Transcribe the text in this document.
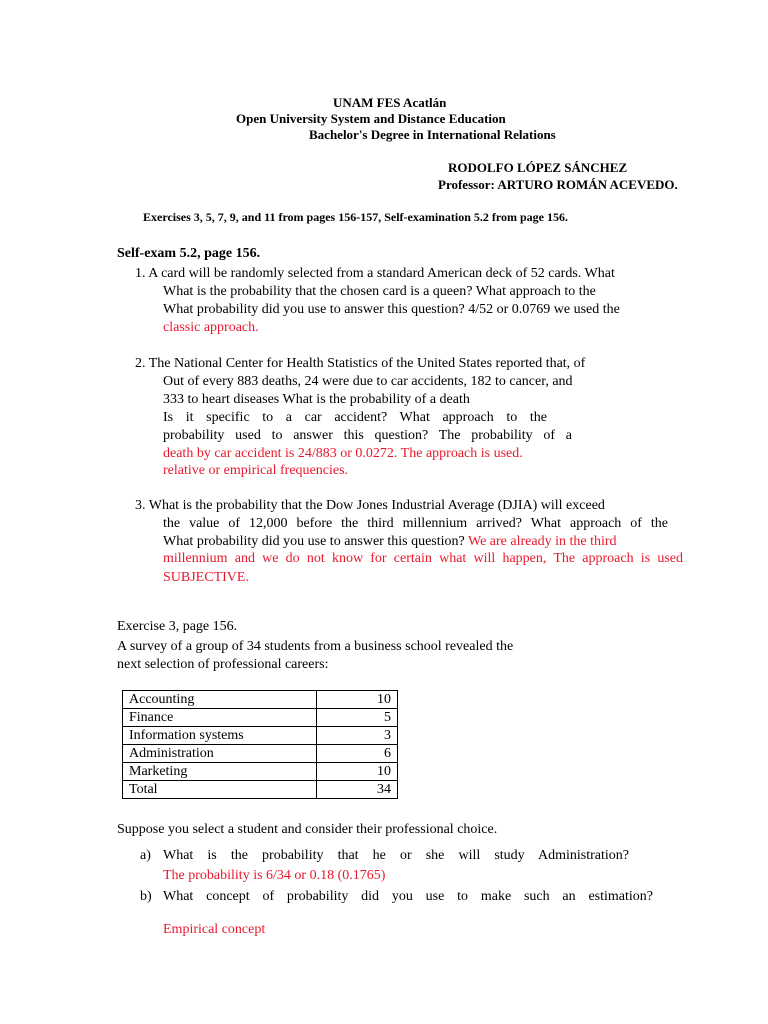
UNAM FES Acatlán
Open University System and Distance Education
Bachelor's Degree in International Relations
RODOLFO LÓPEZ SÁNCHEZ
Professor: ARTURO ROMÁN ACEVEDO.
Exercises 3, 5, 7, 9, and 11 from pages 156-157, Self-examination 5.2 from page 156.
Self-exam 5.2, page 156.
1. A card will be randomly selected from a standard American deck of 52 cards. What
What is the probability that the chosen card is a queen? What approach to the
What probability did you use to answer this question? 4/52 or 0.0769 we used the
classic approach.
2. The National Center for Health Statistics of the United States reported that, of
Out of every 883 deaths, 24 were due to car accidents, 182 to cancer, and
333 to heart diseases What is the probability of a death
Is it specific to a car accident? What approach to the
probability used to answer this question? The probability of a
death by car accident is 24/883 or 0.0272. The approach is used.
relative or empirical frequencies.
3. What is the probability that the Dow Jones Industrial Average (DJIA) will exceed
the value of 12,000 before the third millennium arrived? What approach of the
What probability did you use to answer this question? We are already in the third
millennium and we do not know for certain what will happen, The approach is used
SUBJECTIVE.
Exercise 3, page 156.
A survey of a group of 34 students from a business school revealed the
next selection of professional careers:
Accounting	10
Finance	5
Information systems	3
Administration	6
Marketing	10
Total	34
Suppose you select a student and consider their professional choice.
a) What is the probability that he or she will study Administration?
The probability is 6/34 or 0.18 (0.1765)
b) What concept of probability did you use to make such an estimation?
Empirical concept
